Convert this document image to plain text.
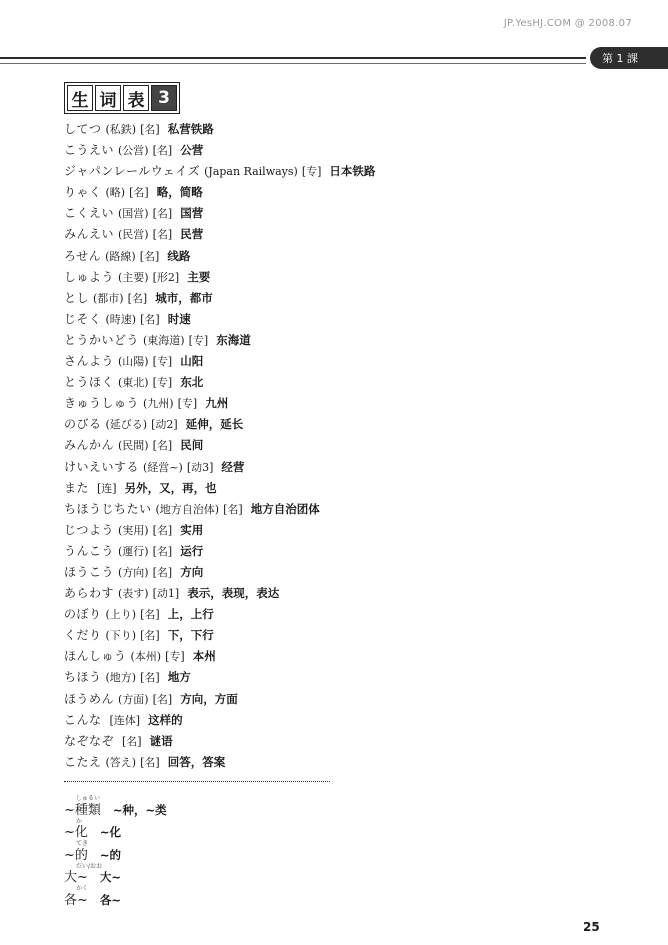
JP.YesHJ.COM @ 2008.07
第 1 課
生 词 表 3
してつ (私鉄) [名] 私营铁路
こうえい (公営) [名] 公营
ジャパンレールウェイズ (Japan Railways) [专] 日本铁路
りゃく (略) [名] 略，简略
こくえい (国営) [名] 国营
みんえい (民営) [名] 民营
ろせん (路線) [名] 线路
しゅよう (主要) [形2] 主要
とし (都市) [名] 城市，都市
じそく (時速) [名] 时速
とうかいどう (東海道) [专] 东海道
さんよう (山陽) [专] 山阳
とうほく (東北) [专] 东北
きゅうしゅう (九州) [专] 九州
のびる (延びる) [动2] 延伸，延长
みんかん (民間) [名] 民间
けいえいする (経営~) [动3] 经营
また [连] 另外，又，再，也
ちほうじちたい (地方自治体) [名] 地方自治团体
じつよう (実用) [名] 实用
うんこう (運行) [名] 运行
ほうこう (方向) [名] 方向
あらわす (表す) [动1] 表示，表现，表达
のぼり (上り) [名] 上，上行
くだり (下り) [名] 下，下行
ほんしゅう (本州) [专] 本州
ちほう (地方) [名] 地方
ほうめん (方面) [名] 方向，方面
こんな [连体] 这样的
なぞなぞ [名] 谜语
こたえ (答え) [名] 回答，答案
しゅるい
~種類 ~种，~类
か
~化 ~化
てき
~的 ~的
だい/おお
大~ 大~
かく
各~ 各~
25
